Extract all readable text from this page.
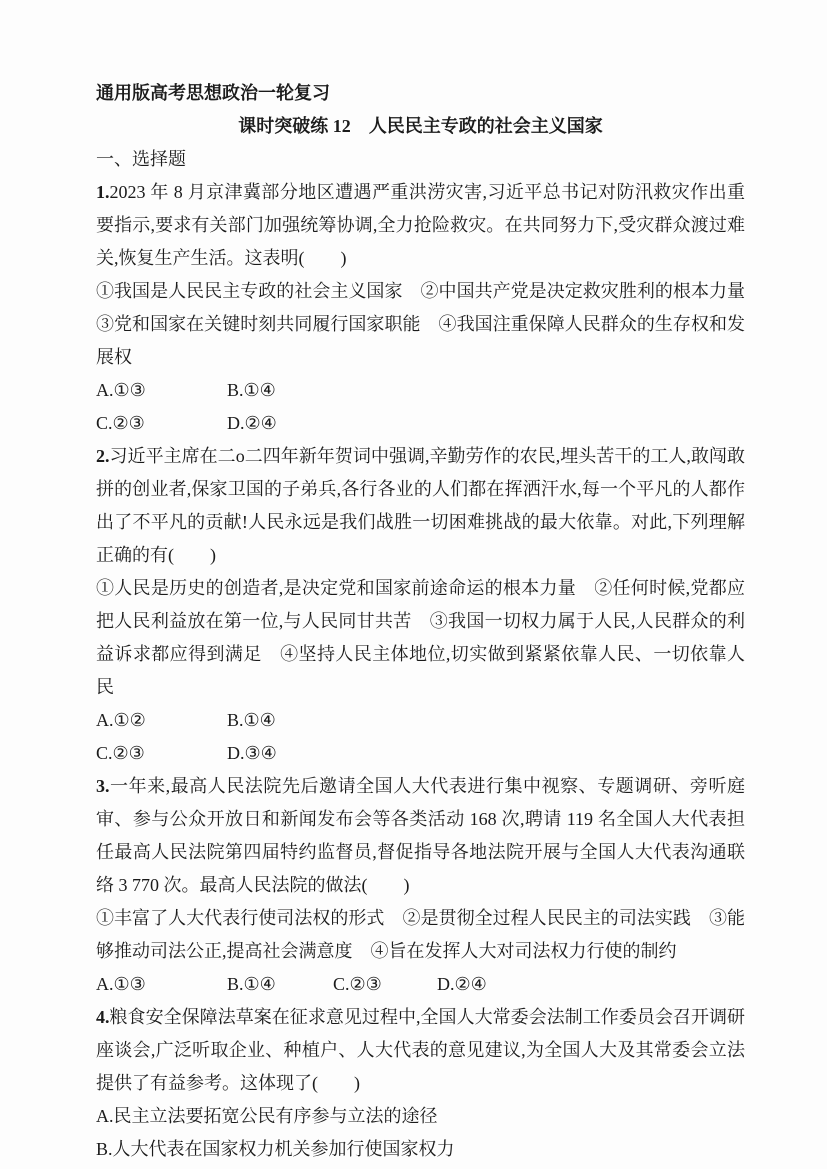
通用版高考思想政治一轮复习

课时突破练 12　人民民主专政的社会主义国家

一、选择题

1.2023 年 8 月京津冀部分地区遭遇严重洪涝灾害,习近平总书记对防汛救灾作出重要指示,要求有关部门加强统筹协调,全力抢险救灾。在共同努力下,受灾群众渡过难关,恢复生产生活。这表明(　　)

①我国是人民民主专政的社会主义国家　②中国共产党是决定救灾胜利的根本力量　③党和国家在关键时刻共同履行国家职能　④我国注重保障人民群众的生存权和发展权

A.①③	B.①④

C.②③	D.②④

2.习近平主席在二o二四年新年贺词中强调,辛勤劳作的农民,埋头苦干的工人,敢闯敢拼的创业者,保家卫国的子弟兵,各行各业的人们都在挥洒汗水,每一个平凡的人都作出了不平凡的贡献!人民永远是我们战胜一切困难挑战的最大依靠。对此,下列理解正确的有(　　)

①人民是历史的创造者,是决定党和国家前途命运的根本力量　②任何时候,党都应把人民利益放在第一位,与人民同甘共苦　③我国一切权力属于人民,人民群众的利益诉求都应得到满足　④坚持人民主体地位,切实做到紧紧依靠人民、一切依靠人民

A.①②	B.①④

C.②③	D.③④

3.一年来,最高人民法院先后邀请全国人大代表进行集中视察、专题调研、旁听庭审、参与公众开放日和新闻发布会等各类活动 168 次,聘请 119 名全国人大代表担任最高人民法院第四届特约监督员,督促指导各地法院开展与全国人大代表沟通联络 3 770 次。最高人民法院的做法(　　)

①丰富了人大代表行使司法权的形式　②是贯彻全过程人民民主的司法实践　③能够推动司法公正,提高社会满意度　④旨在发挥人大对司法权力行使的制约

A.①③	B.①④	C.②③	D.②④

4.粮食安全保障法草案在征求意见过程中,全国人大常委会法制工作委员会召开调研座谈会,广泛听取企业、种植户、人大代表的意见建议,为全国人大及其常委会立法提供了有益参考。这体现了(　　)

A.民主立法要拓宽公民有序参与立法的途径

B.人大代表在国家权力机关参加行使国家权力
